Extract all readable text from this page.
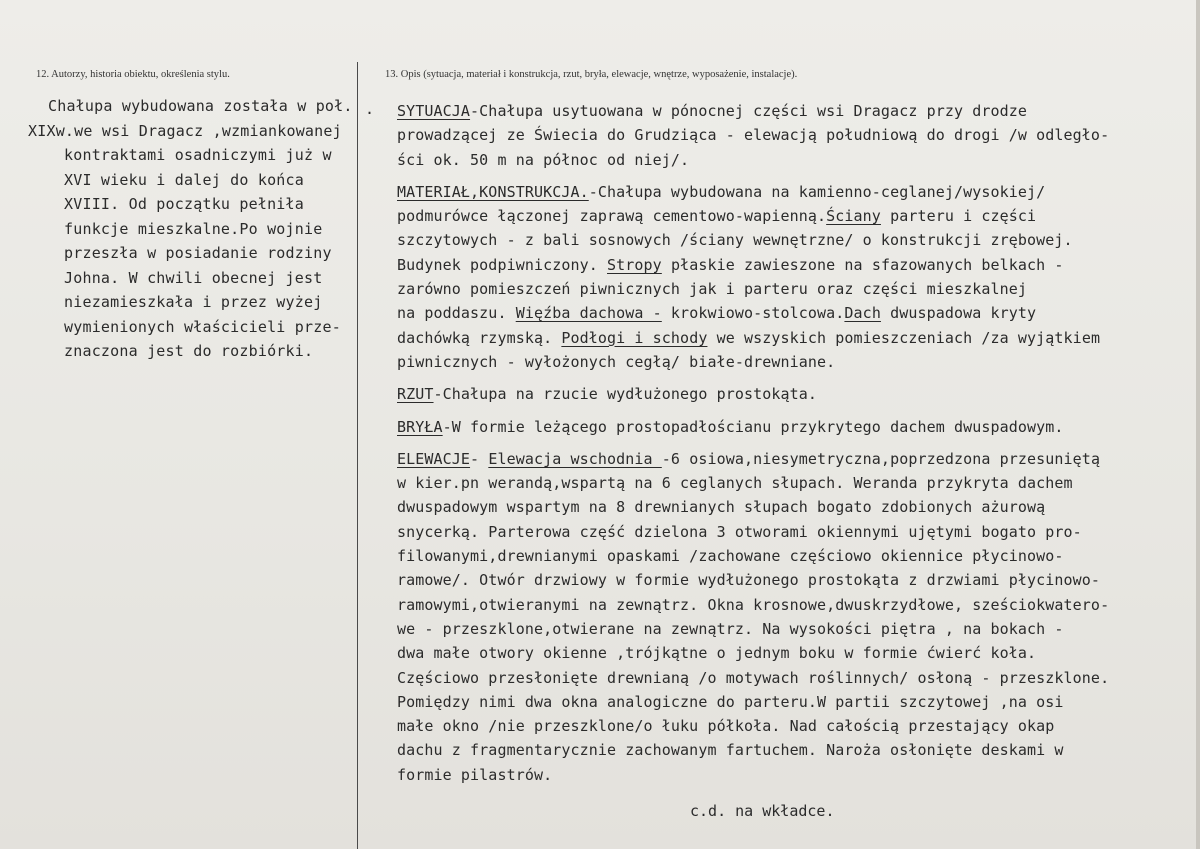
12. Autorzy, historia obiektu, określenia stylu.	13. Opis (sytuacja, materiał i konstrukcja, rzut, bryła, elewacje, wnętrze, wyposażenie, instalacje).
.
Chałupa wybudowana została w poł.
XIXw.we wsi Dragacz ,wzmiankowanej
kontraktami osadniczymi już w
XVI wieku i dalej do końca
XVIII. Od początku pełniła
funkcje mieszkalne.Po wojnie
przeszła w posiadanie rodziny
Johna. W chwili obecnej jest
niezamieszkała i przez wyżej
wymienionych właścicieli prze-
znaczona jest do rozbiórki.
SYTUACJA-Chałupa usytuowana w pónocnej części wsi Dragacz przy drodze
prowadzącej ze Świecia do Grudziąca - elewacją południową do drogi /w odległo-
ści ok. 50 m na północ od niej/.
MATERIAŁ,KONSTRUKCJA.-Chałupa wybudowana na kamienno-ceglanej/wysokiej/
podmurówce łączonej zaprawą cementowo-wapienną.Ściany parteru i części
szczytowych - z bali sosnowych /ściany wewnętrzne/ o konstrukcji zrębowej.
Budynek podpiwniczony. Stropy płaskie zawieszone na sfazowanych belkach -
zarówno pomieszczeń piwnicznych jak i parteru oraz części mieszkalnej
na poddaszu. Więźba dachowa - krokwiowo-stolcowa.Dach dwuspadowa kryty
dachówką rzymską. Podłogi i schody we wszyskich pomieszczeniach /za wyjątkiem
piwnicznych - wyłożonych cegłą/ białe-drewniane.
RZUT-Chałupa na rzucie wydłużonego prostokąta.
BRYŁA-W formie leżącego prostopadłościanu przykrytego dachem dwuspadowym.
ELEWACJE- Elewacja wschodnia -6 osiowa,niesymetryczna,poprzedzona przesuniętą
w kier.pn werandą,wspartą na 6 ceglanych słupach. Weranda przykryta dachem
dwuspadowym wspartym na 8 drewnianych słupach bogato zdobionych ażurową
snycerką. Parterowa część dzielona 3 otworami okiennymi ujętymi bogato pro-
filowanymi,drewnianymi opaskami /zachowane częściowo okiennice płycinowo-
ramowe/. Otwór drzwiowy w formie wydłużonego prostokąta z drzwiami płycinowo-
ramowymi,otwieranymi na zewnątrz. Okna krosnowe,dwuskrzydłowe, sześciokwatero-
we - przeszklone,otwierane na zewnątrz. Na wysokości piętra , na bokach -
dwa małe otwory okienne ,trójkątne o jednym boku w formie ćwierć koła.
Częściowo przesłonięte drewnianą /o motywach roślinnych/ osłoną - przeszklone.
Pomiędzy nimi dwa okna analogiczne do parteru.W partii szczytowej ,na osi
małe okno /nie przeszklone/o łuku półkoła. Nad całością przestający okap
dachu z fragmentarycznie zachowanym fartuchem. Naroża osłonięte deskami w
formie pilastrów.
c.d. na wkładce.
